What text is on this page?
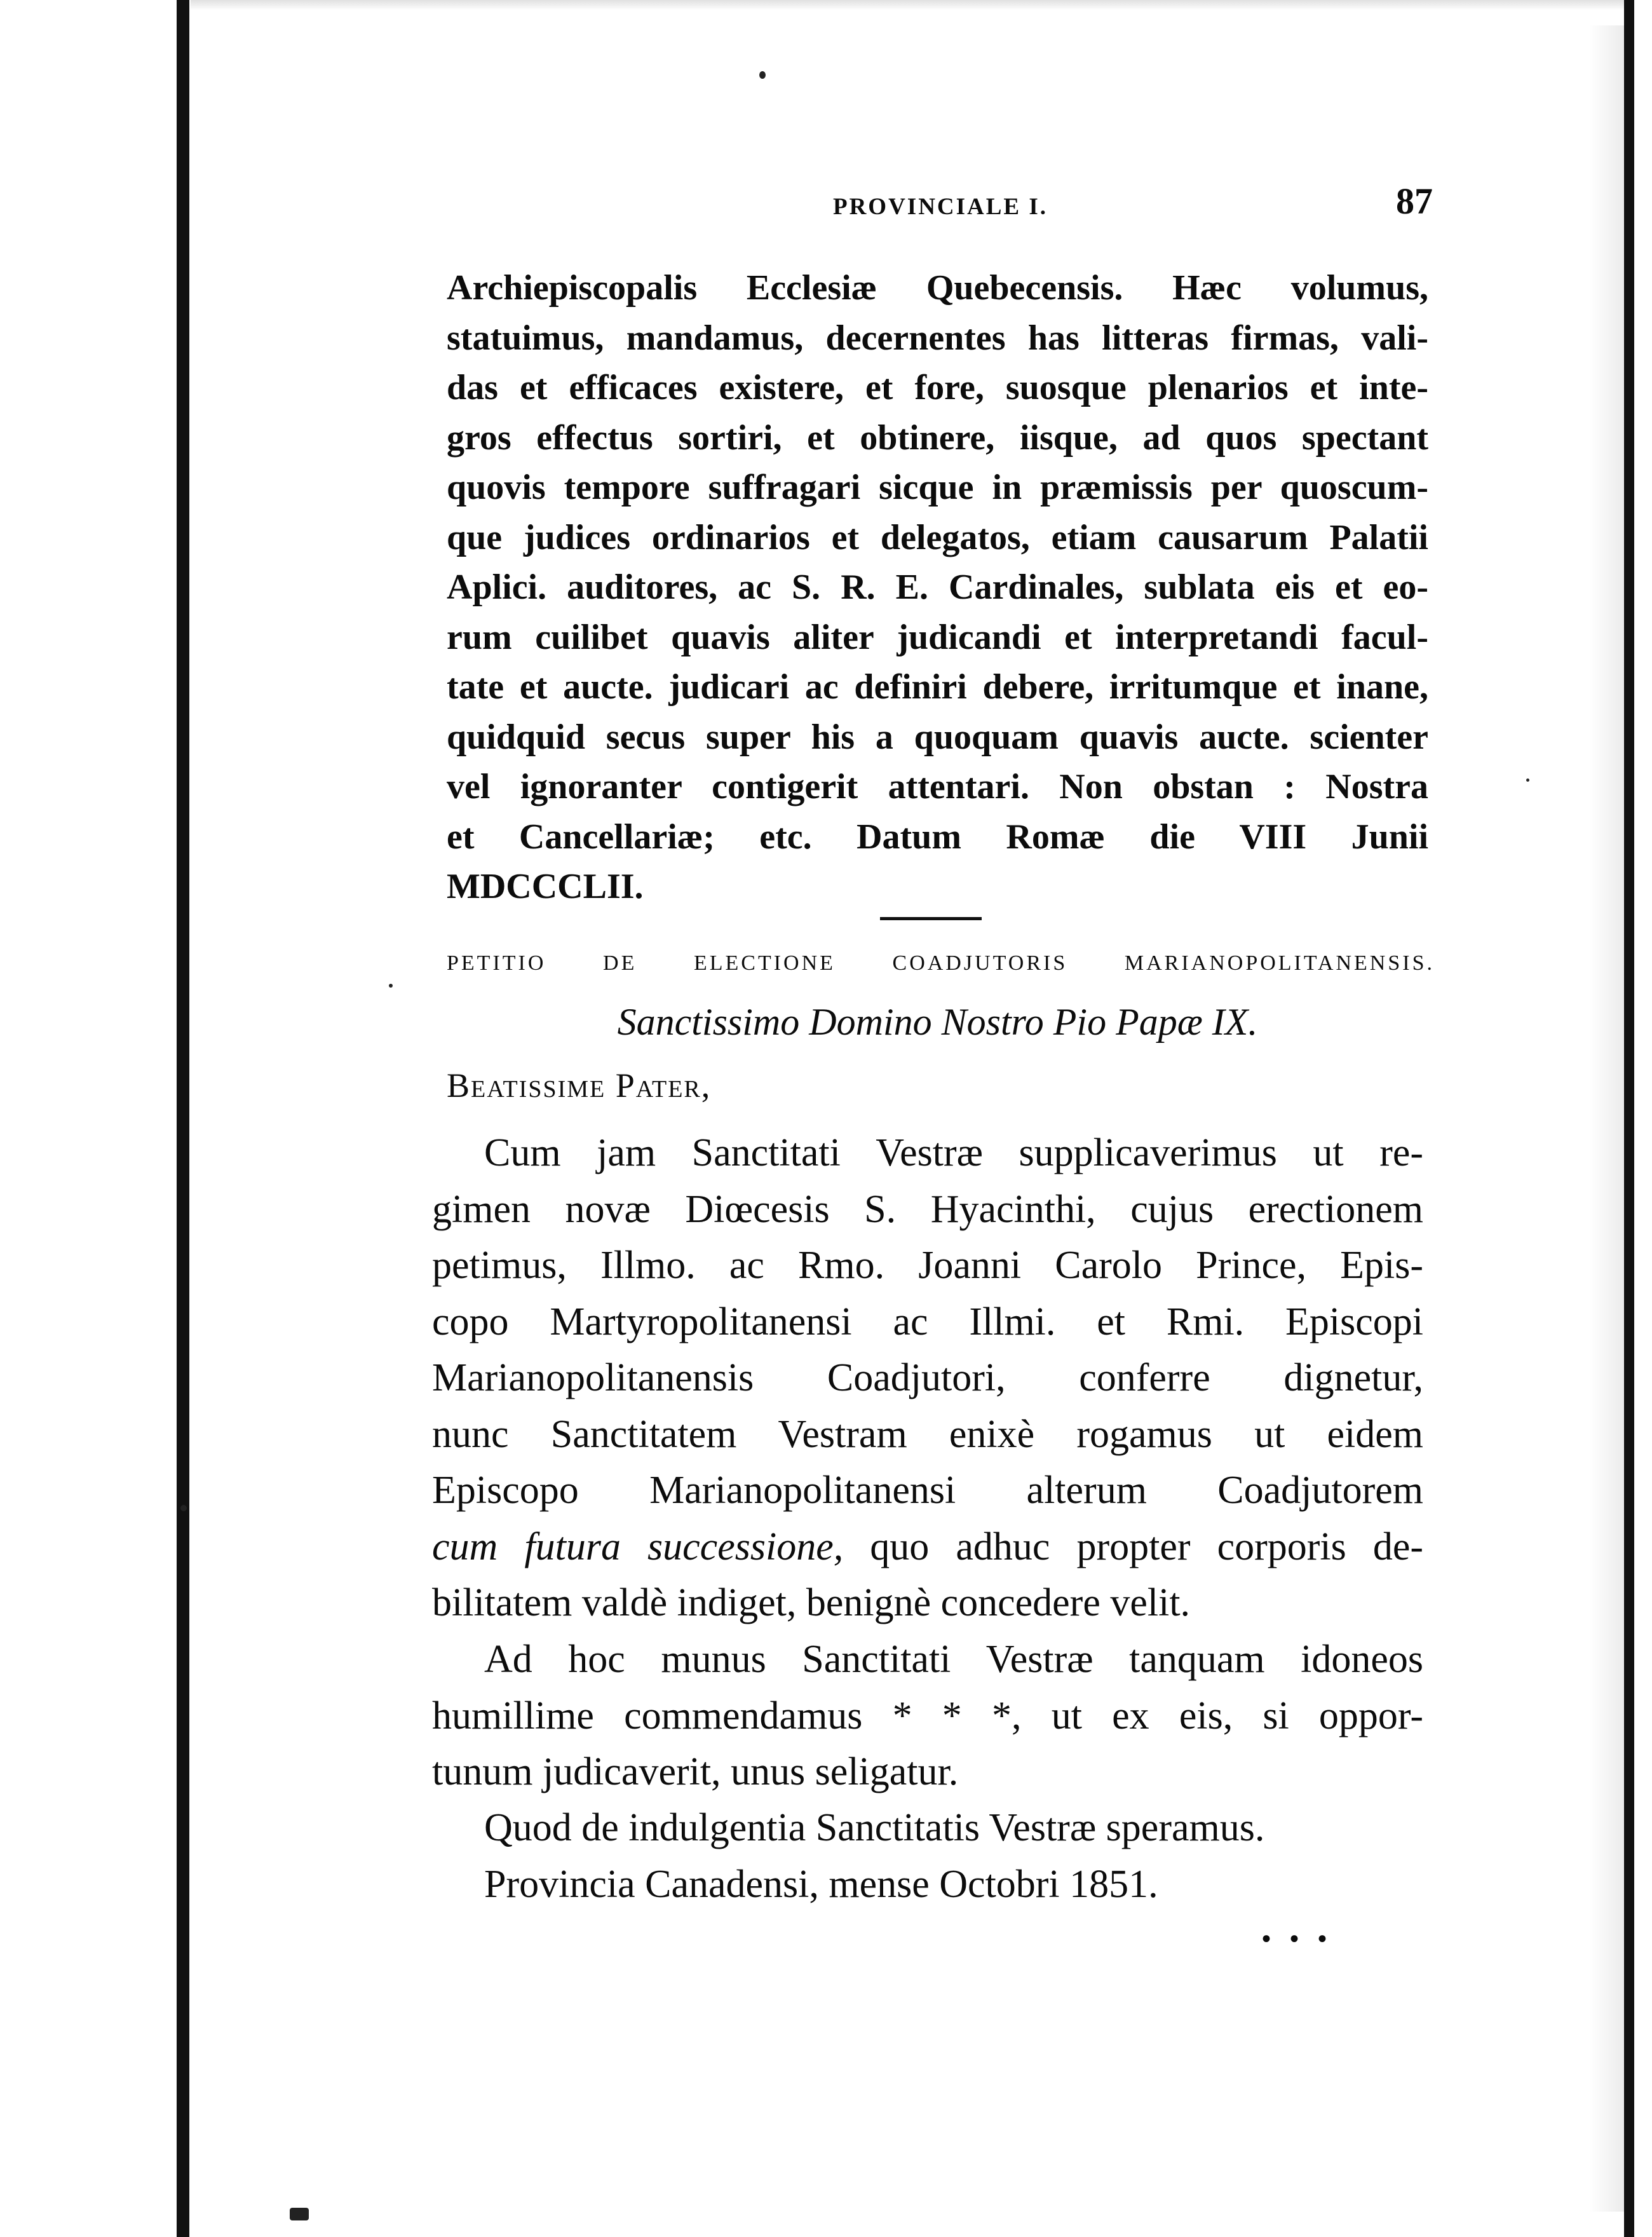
PROVINCIALE I.	87
Archiepiscopalis Ecclesiæ Quebecensis. Hæc volumus,
statuimus, mandamus, decernentes has litteras firmas, vali-
das et efficaces existere, et fore, suosque plenarios et inte-
gros effectus sortiri, et obtinere, iisque, ad quos spectant
quovis tempore suffragari sicque in præmissis per quoscum-
que judices ordinarios et delegatos, etiam causarum Palatii
Aplici. auditores, ac S. R. E. Cardinales, sublata eis et eo-
rum cuilibet quavis aliter judicandi et interpretandi facul-
tate et aucte. judicari ac definiri debere, irritumque et inane,
quidquid secus super his a quoquam quavis aucte. scienter
vel ignoranter contigerit attentari. Non obstan : Nostra
et Cancellariæ; etc. Datum Romæ die VIII Junii
MDCCCLII.
PETITIO DE ELECTIONE COADJUTORIS MARIANOPOLITANENSIS.
Sanctissimo Domino Nostro Pio Papæ IX.
Beatissime Pater,
Cum jam Sanctitati Vestræ supplicaverimus ut re-
gimen novæ Diœcesis S. Hyacinthi, cujus erectionem
petimus, Illmo. ac Rmo. Joanni Carolo Prince, Epis-
copo Martyropolitanensi ac Illmi. et Rmi. Episcopi
Marianopolitanensis Coadjutori, conferre dignetur,
nunc Sanctitatem Vestram enixè rogamus ut eidem
Episcopo Marianopolitanensi alterum Coadjutorem
cum futura successione, quo adhuc propter corporis de-
bilitatem valdè indiget, benignè concedere velit.
Ad hoc munus Sanctitati Vestræ tanquam idoneos
humillime commendamus * * *, ut ex eis, si oppor-
tunum judicaverit, unus seligatur.
Quod de indulgentia Sanctitatis Vestræ speramus.
Provincia Canadensi, mense Octobri 1851.
• • •
